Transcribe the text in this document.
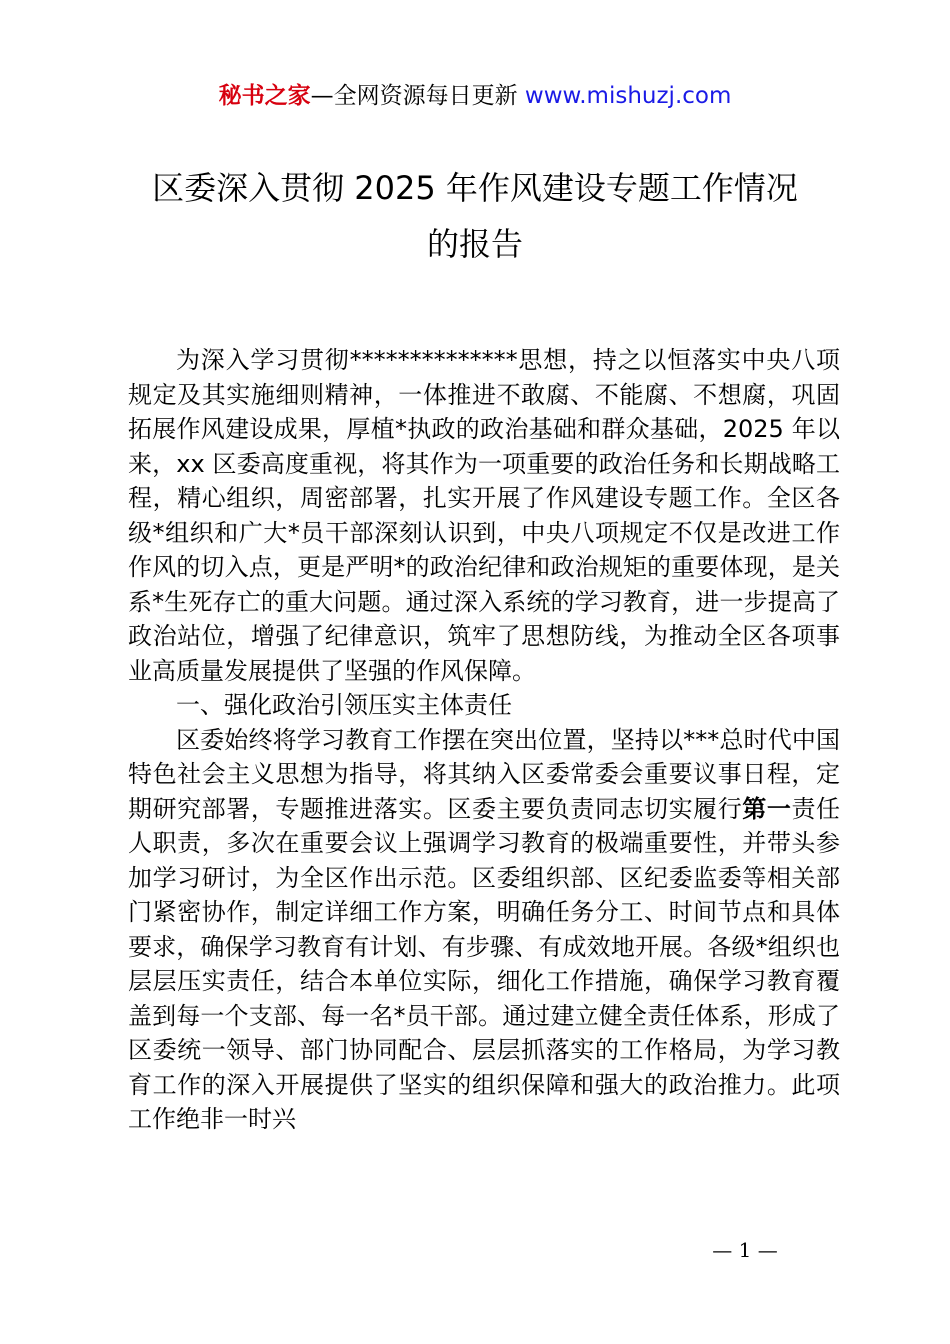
秘书之家—全网资源每日更新 www.mishuzj.com
区委深入贯彻 2025 年作风建设专题工作情况
的报告

为深入学习贯彻**************思想，持之以恒落实中央八项规定及其实施细则精神，一体推进不敢腐、不能腐、不想腐，巩固拓展作风建设成果，厚植*执政的政治基础和群众基础，2025 年以来，xx 区委高度重视，将其作为一项重要的政治任务和长期战略工程，精心组织，周密部署，扎实开展了作风建设专题工作。全区各级*组织和广大*员干部深刻认识到，中央八项规定不仅是改进工作作风的切入点，更是严明*的政治纪律和政治规矩的重要体现，是关系*生死存亡的重大问题。通过深入系统的学习教育，进一步提高了政治站位，增强了纪律意识，筑牢了思想防线，为推动全区各项事业高质量发展提供了坚强的作风保障。

一、强化政治引领压实主体责任

区委始终将学习教育工作摆在突出位置，坚持以***总时代中国特色社会主义思想为指导，将其纳入区委常委会重要议事日程，定期研究部署，专题推进落实。区委主要负责同志切实履行第一责任人职责，多次在重要会议上强调学习教育的极端重要性，并带头参加学习研讨，为全区作出示范。区委组织部、区纪委监委等相关部门紧密协作，制定详细工作方案，明确任务分工、时间节点和具体要求，确保学习教育有计划、有步骤、有成效地开展。各级*组织也层层压实责任，结合本单位实际，细化工作措施，确保学习教育覆盖到每一个支部、每一名*员干部。通过建立健全责任体系，形成了区委统一领导、部门协同配合、层层抓落实的工作格局，为学习教育工作的深入开展提供了坚实的组织保障和强大的政治推力。此项工作绝非一时兴

— 1 —
